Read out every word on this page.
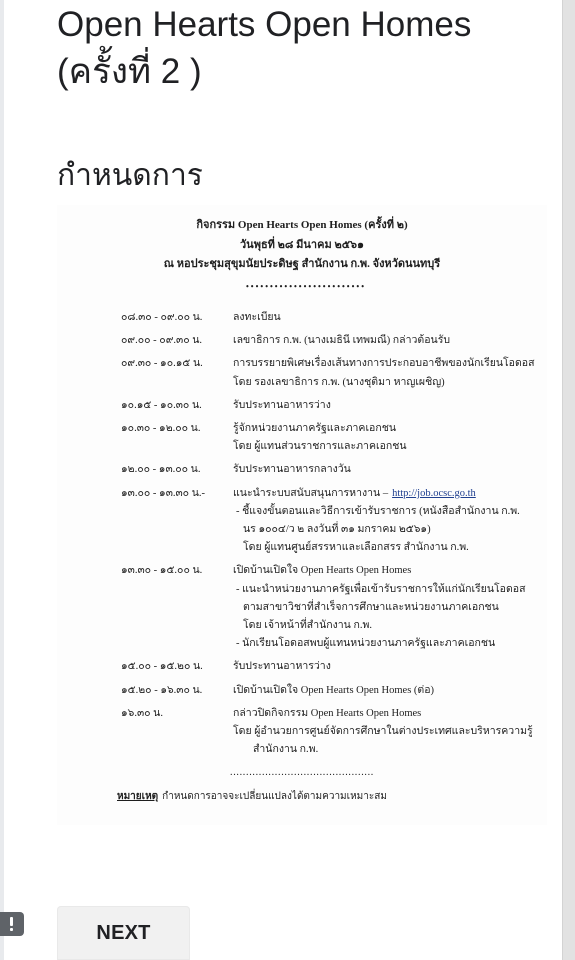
Open Hearts Open Homes (ครั้งที่ 2 )
กำหนดการ
กิจกรรม Open Hearts Open Homes (ครั้งที่ ๒)
วันพุธที่ ๒๘ มีนาคม ๒๕๖๑
ณ หอประชุมสุขุมนัยประดิษฐ สำนักงาน ก.พ. จังหวัดนนทบุรี
•••••••••••••••••••••••••
๐๘.๓๐ - ๐๙.๐๐ น.	ลงทะเบียน
๐๙.๐๐ - ๐๙.๓๐ น.	เลขาธิการ ก.พ. (นางเมธินี เทพมณี) กล่าวต้อนรับ
๐๙.๓๐ - ๑๐.๑๕ น.	การบรรยายพิเศษเรื่องเส้นทางการประกอบอาชีพของนักเรียนโอดอส
โดย รองเลขาธิการ ก.พ. (นางชุติมา หาญเผชิญ)
๑๐.๑๕ - ๑๐.๓๐ น.	รับประทานอาหารว่าง
๑๐.๓๐ - ๑๒.๐๐ น.	รู้จักหน่วยงานภาครัฐและภาคเอกชน
โดย ผู้แทนส่วนราชการและภาคเอกชน
๑๒.๐๐ - ๑๓.๐๐ น.	รับประทานอาหารกลางวัน
๑๓.๐๐ - ๑๓.๓๐ น.-	แนะนำระบบสนับสนุนการหางาน – http://job.ocsc.go.th
- ชี้แจงขั้นตอนและวิธีการเข้ารับราชการ (หนังสือสำนักงาน ก.พ.
นร ๑๐๐๔/ว ๒ ลงวันที่ ๓๑ มกราคม ๒๕๖๑)
โดย ผู้แทนศูนย์สรรหาและเลือกสรร สำนักงาน ก.พ.
๑๓.๓๐ - ๑๕.๐๐ น.	เปิดบ้านเปิดใจ Open Hearts Open Homes
- แนะนำหน่วยงานภาครัฐเพื่อเข้ารับราชการให้แก่นักเรียนโอดอส
ตามสาขาวิชาที่สำเร็จการศึกษาและหน่วยงานภาคเอกชน
โดย เจ้าหน้าที่สำนักงาน ก.พ.
- นักเรียนโอดอสพบผู้แทนหน่วยงานภาครัฐและภาคเอกชน
๑๕.๐๐ - ๑๕.๒๐ น.	รับประทานอาหารว่าง
๑๕.๒๐ - ๑๖.๓๐ น.	เปิดบ้านเปิดใจ Open Hearts Open Homes (ต่อ)
๑๖.๓๐ น.	กล่าวปิดกิจกรรม Open Hearts Open Homes
โดย ผู้อำนวยการศูนย์จัดการศึกษาในต่างประเทศและบริหารความรู้
สำนักงาน ก.พ.
.............................................
หมายเหตุ กำหนดการอาจจะเปลี่ยนแปลงได้ตามความเหมาะสม
NEXT
